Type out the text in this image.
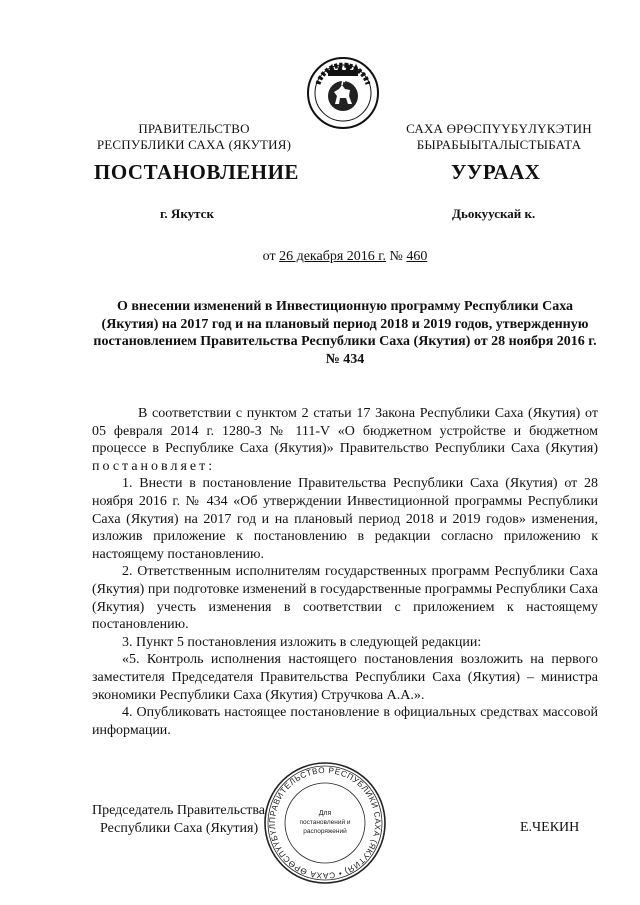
ПРАВИТЕЛЬСТВО
РЕСПУБЛИКИ САХА (ЯКУТИЯ)
САХА ӨРӨСПҮҮБҮЛҮКЭТИН
БЫРАБЫЫТАЛЫСТЫБАТА
ПОСТАНОВЛЕНИЕ	УУРААХ
г. Якутск	Дьокуускай к.
от 26 декабря 2016 г. № 460
О внесении изменений в Инвестиционную программу Республики Саха (Якутия) на 2017 год и на плановый период 2018 и 2019 годов, утвержденную постановлением Правительства Республики Саха (Якутия) от 28 ноября 2016 г. № 434

В соответствии с пунктом 2 статьи 17 Закона Республики Саха (Якутия) от 05 февраля 2014 г. 1280-З № 111-V «О бюджетном устройстве и бюджетном процессе в Республике Саха (Якутия)» Правительство Республики Саха (Якутия) постановляет:

1. Внести в постановление Правительства Республики Саха (Якутия) от 28 ноября 2016 г. № 434 «Об утверждении Инвестиционной программы Республики Саха (Якутия) на 2017 год и на плановый период 2018 и 2019 годов» изменения, изложив приложение к постановлению в редакции согласно приложению к настоящему постановлению.

2. Ответственным исполнителям государственных программ Республики Саха (Якутия) при подготовке изменений в государственные программы Республики Саха (Якутия) учесть изменения в соответствии с приложением к настоящему постановлению.

3. Пункт 5 постановления изложить в следующей редакции:

«5. Контроль исполнения настоящего постановления возложить на первого заместителя Председателя Правительства Республики Саха (Якутия) – министра экономики Республики Саха (Якутия) Стручкова А.А.».

4. Опубликовать настоящее постановление в официальных средствах массовой информации.

Председатель Правительства
Республики Саха (Якутия)
ПРАВИТЕЛЬСТВО РЕСПУБЛИКИ САХА (ЯКУТИЯ) • САХА ӨРӨСПҮҮБҮЛ
Для
постановлений и
распоряжений	Е.ЧЕКИН
